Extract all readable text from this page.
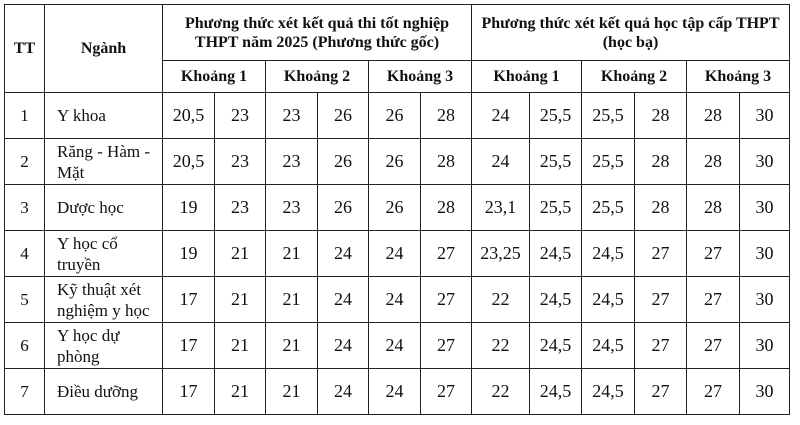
TT	Ngành	Phương thức xét kết quả thi tốt nghiệp THPT năm 2025 (Phương thức gốc)						Phương thức xét kết quả học tập cấp THPT (học bạ)					
		Khoảng 1		Khoảng 2		Khoảng 3		Khoảng 1		Khoảng 2		Khoảng 3	
1	Y khoa	20,5	23	23	26	26	28	24	25,5	25,5	28	28	30
2	Răng - Hàm - Mặt	20,5	23	23	26	26	28	24	25,5	25,5	28	28	30
3	Dược học	19	23	23	26	26	28	23,1	25,5	25,5	28	28	30
4	Y học cổ truyền	19	21	21	24	24	27	23,25	24,5	24,5	27	27	30
5	Kỹ thuật xét nghiệm y học	17	21	21	24	24	27	22	24,5	24,5	27	27	30
6	Y học dự phòng	17	21	21	24	24	27	22	24,5	24,5	27	27	30
7	Điều dưỡng	17	21	21	24	24	27	22	24,5	24,5	27	27	30
